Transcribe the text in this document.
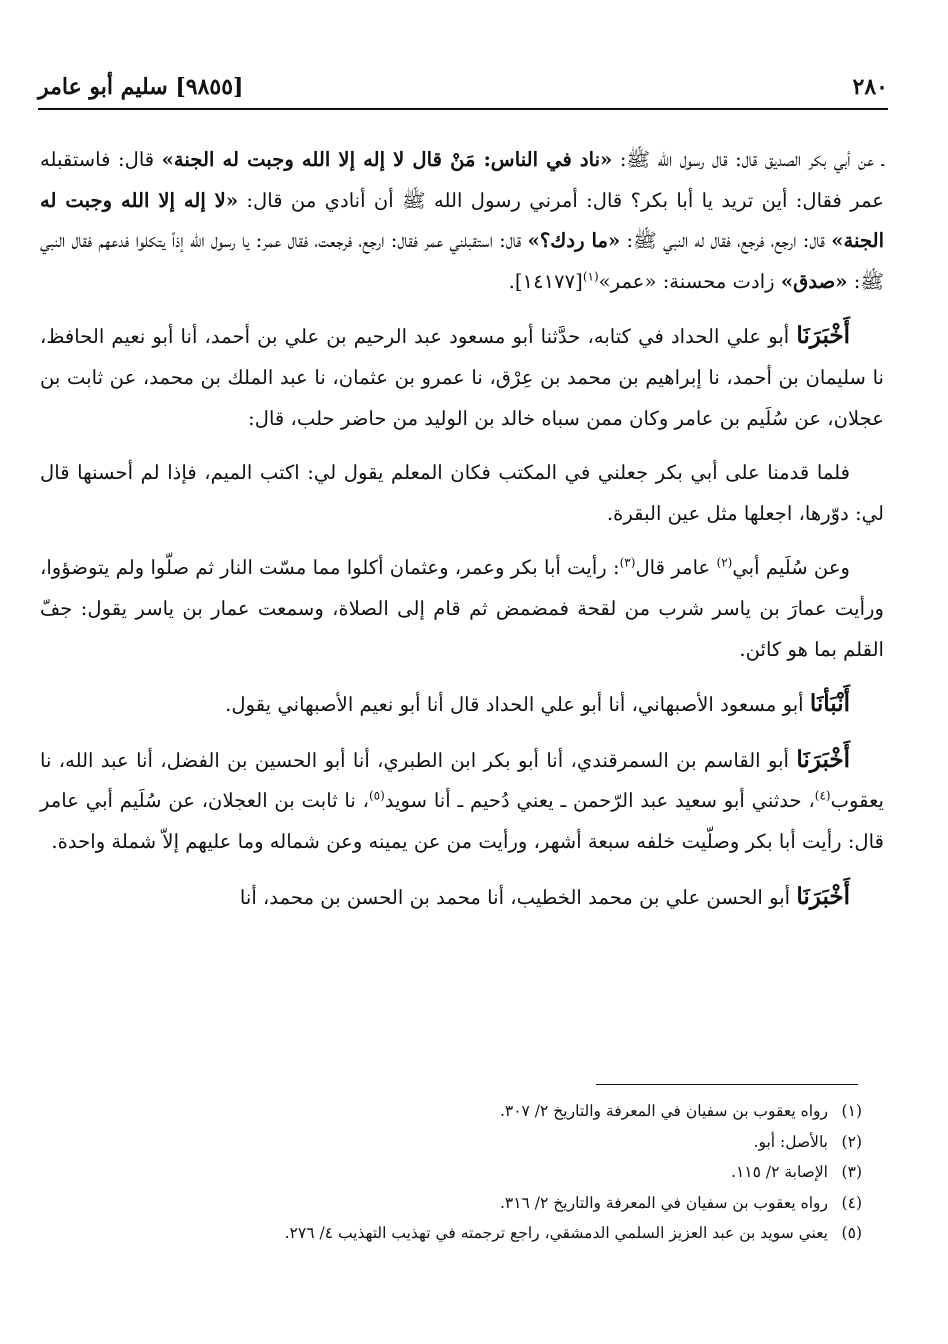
٢٨٠
[٩٨٥٥] سليم أبو عامر

ـ عن أبي بكر الصديق قال: قال رسول الله ﷺ: «ناد في الناس: مَنْ قال لا إله إلا الله وجبت له الجنة» قال: فاستقبله عمر فقال: أين تريد يا أبا بكر؟ قال: أمرني رسول الله ﷺ أن أنادي من قال: «لا إله إلا الله وجبت له الجنة» قال: ارجع، فرجع، فقال له النبي ﷺ: «ما ردك؟» قال: استقبلني عمر فقال: ارجع، فرجعت، فقال عمر: يا رسول الله إذاً يتكلوا فدعهم فقال النبي ﷺ: «صدق» زادت محسنة: «عمر»$^{(١)}$[١٤١٧٧].

أَخْبَرَنَا أبو علي الحداد في كتابه، حدَّثنا أبو مسعود عبد الرحيم بن علي بن أحمد، أنا أبو نعيم الحافظ، نا سليمان بن أحمد، نا إبراهيم بن محمد بن عِرْق، نا عمرو بن عثمان، نا عبد الملك بن محمد، عن ثابت بن عجلان، عن سُلَيم بن عامر وكان ممن سباه خالد بن الوليد من حاضر حلب، قال:

فلما قدمنا على أبي بكر جعلني في المكتب فكان المعلم يقول لي: اكتب الميم، فإذا لم أحسنها قال لي: دوّرها، اجعلها مثل عين البقرة.

وعن سُلَيم أبي$^{(٢)}$ عامر قال$^{(٣)}$: رأيت أبا بكر وعمر، وعثمان أكلوا مما مسّت النار ثم صلّوا ولم يتوضؤوا، ورأيت عمارَ بن ياسر شرب من لقحة فمضمض ثم قام إلى الصلاة، وسمعت عمار بن ياسر يقول: جفّ القلم بما هو كائن.

أَنْبَأنَا أبو مسعود الأصبهاني، أنا أبو علي الحداد قال أنا أبو نعيم الأصبهاني يقول.

أَخْبَرَنَا أبو القاسم بن السمرقندي، أنا أبو بكر ابن الطبري، أنا أبو الحسين بن الفضل، أنا عبد الله، نا يعقوب$^{(٤)}$، حدثني أبو سعيد عبد الرّحمن ـ يعني دُحيم ـ أنا سويد$^{(٥)}$، نا ثابت بن العجلان، عن سُلَيم أبي عامر قال: رأيت أبا بكر وصلّيت خلفه سبعة أشهر، ورأيت من عن يمينه وعن شماله وما عليهم إلاّ شملة واحدة.

أَخْبَرَنَا أبو الحسن علي بن محمد الخطيب، أنا محمد بن الحسن بن محمد، أنا

(١)رواه يعقوب بن سفيان في المعرفة والتاريخ ٢/ ٣٠٧.
(٢)بالأصل: أبو.
(٣)الإصابة ٢/ ١١٥.
(٤)رواه يعقوب بن سفيان في المعرفة والتاريخ ٢/ ٣١٦.
(٥)يعني سويد بن عبد العزيز السلمي الدمشقي، راجع ترجمته في تهذيب التهذيب ٤/ ٢٧٦.
